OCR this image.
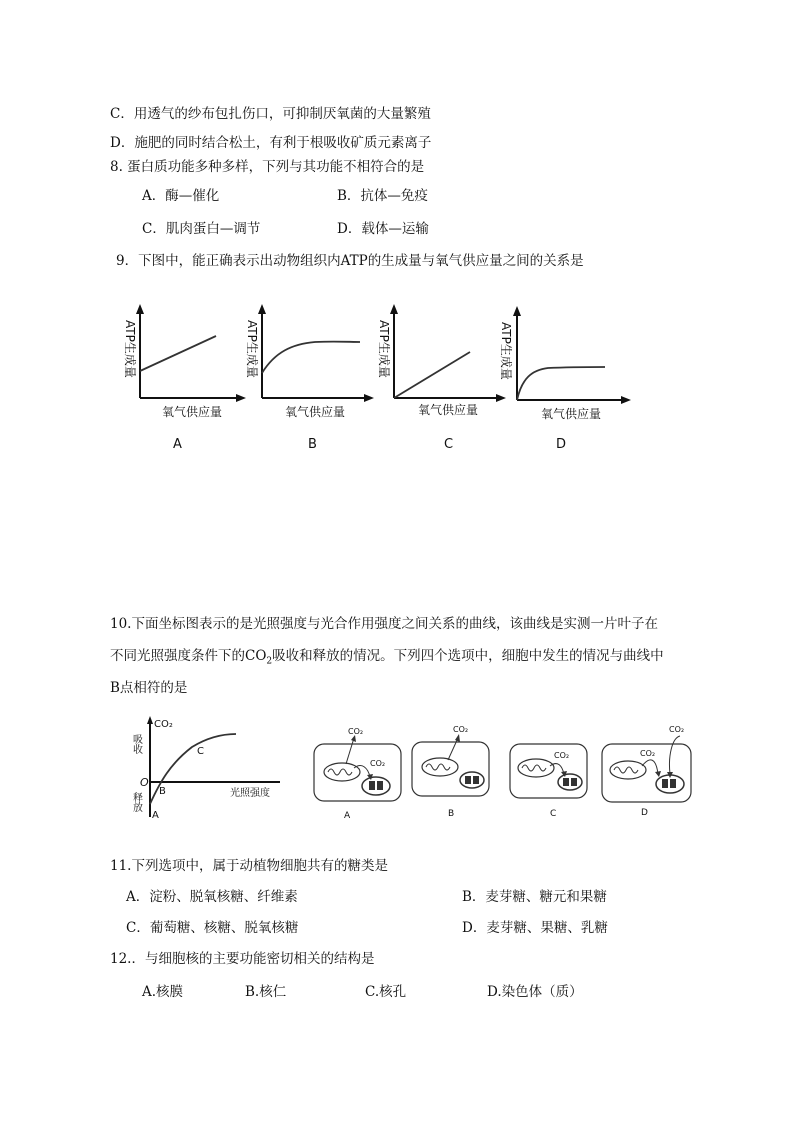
C．用透气的纱布包扎伤口，可抑制厌氧菌的大量繁殖
D．施肥的同时结合松土，有利于根吸收矿质元素离子
8. 蛋白质功能多种多样，下列与其功能不相符合的是
A．酶—催化	B．抗体—免疫
C．肌肉蛋白—调节	D．载体—运输
9．下图中，能正确表示出动物组织内ATP的生成量与氧气供应量之间的关系是
ATP生成量
氧气供应量
ATP生成量
氧气供应量
ATP生成量
氧气供应量
ATP生成量
氧气供应量
A	B	C	D
10.下面坐标图表示的是光照强度与光合作用强度之间关系的曲线，该曲线是实测一片叶子在
不同光照强度条件下的$CO_2$吸收和释放的情况。下列四个选项中，细胞中发生的情况与曲线中
B点相符的是
CO₂
吸收
释放
O
光照强度
A
B
C
CO₂
CO₂
CO₂
CO₂
CO₂
CO₂
A	B	C	D
11.下列选项中，属于动植物细胞共有的糖类是
A．淀粉、脱氧核糖、纤维素	B．麦芽糖、糖元和果糖
C．葡萄糖、核糖、脱氧核糖	D．麦芽糖、果糖、乳糖
12.．与细胞核的主要功能密切相关的结构是
A.核膜	B.核仁	C.核孔	D.染色体（质）
